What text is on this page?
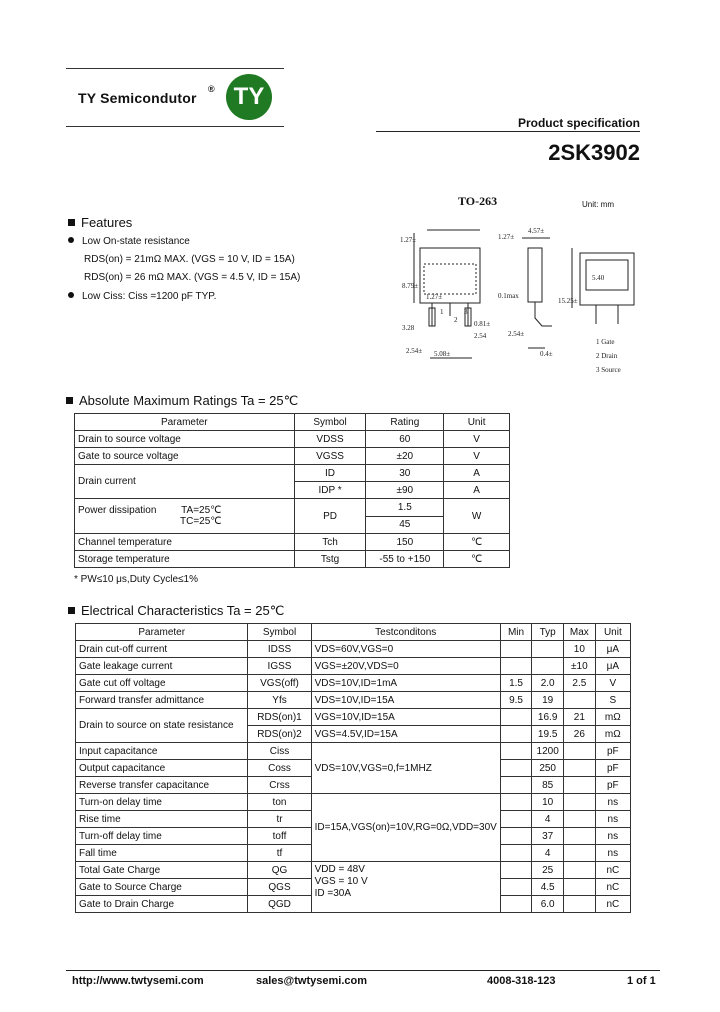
TY Semicondutor
® TY
Product specification
2SK3902
TO-263	Unit: mm
1.27±
4.57±
1.27±
8.79±
5.40
15.25±
1.27±	0.1max
3.28	0.81±
2.54	2.54±
2.54± 5.08±	0.4±
1
2
3
1 Gate
2 Drain
3 Source
Features
Low On-state resistance
RDS(on) = 21mΩ MAX. (VGS = 10 V, ID = 15A)
RDS(on) = 26 mΩ MAX. (VGS = 4.5 V, ID = 15A)
Low Ciss: Ciss =1200 pF TYP.
Absolute Maximum Ratings Ta = 25℃
Parameter	Symbol	Rating	Unit
Drain to source voltage	VDSS	60	V
Gate to source voltage	VGSS	±20	V
Drain current	ID	30	A
	IDP *	±90	A
Power dissipation TA=25℃
TC=25℃	PD	1.5	W
		45	
Channel temperature	Tch	150	℃
Storage temperature	Tstg	-55 to +150	℃
* PW≤10 μs,Duty Cycle≤1%
Electrical Characteristics Ta = 25℃
Parameter	Symbol	Testconditons	Min	Typ	Max	Unit
Drain cut-off current	IDSS	VDS=60V,VGS=0			10	μA
Gate leakage current	IGSS	VGS=±20V,VDS=0			±10	μA
Gate cut off voltage	VGS(off)	VDS=10V,ID=1mA	1.5	2.0	2.5	V
Forward transfer admittance	Yfs	VDS=10V,ID=15A	9.5	19		S
Drain to source on state resistance	RDS(on)1	VGS=10V,ID=15A		16.9	21	mΩ
	RDS(on)2	VGS=4.5V,ID=15A		19.5	26	mΩ
Input capacitance	Ciss	VDS=10V,VGS=0,f=1MHZ		1200		pF
Output capacitance	Coss			250		pF
Reverse transfer capacitance	Crss			85		pF
Turn-on delay time	ton	ID=15A,VGS(on)=10V,RG=0Ω,VDD=30V		10		ns
Rise time	tr			4		ns
Turn-off delay time	toff			37		ns
Fall time	tf			4		ns
Total Gate Charge	QG	VDD = 48V
VGS = 10 V
ID =30A		25		nC
Gate to Source Charge	QGS			4.5		nC
Gate to Drain Charge	QGD			6.0		nC
http://www.twtysemi.com	sales@twtysemi.com	4008-318-123	1 of 1
